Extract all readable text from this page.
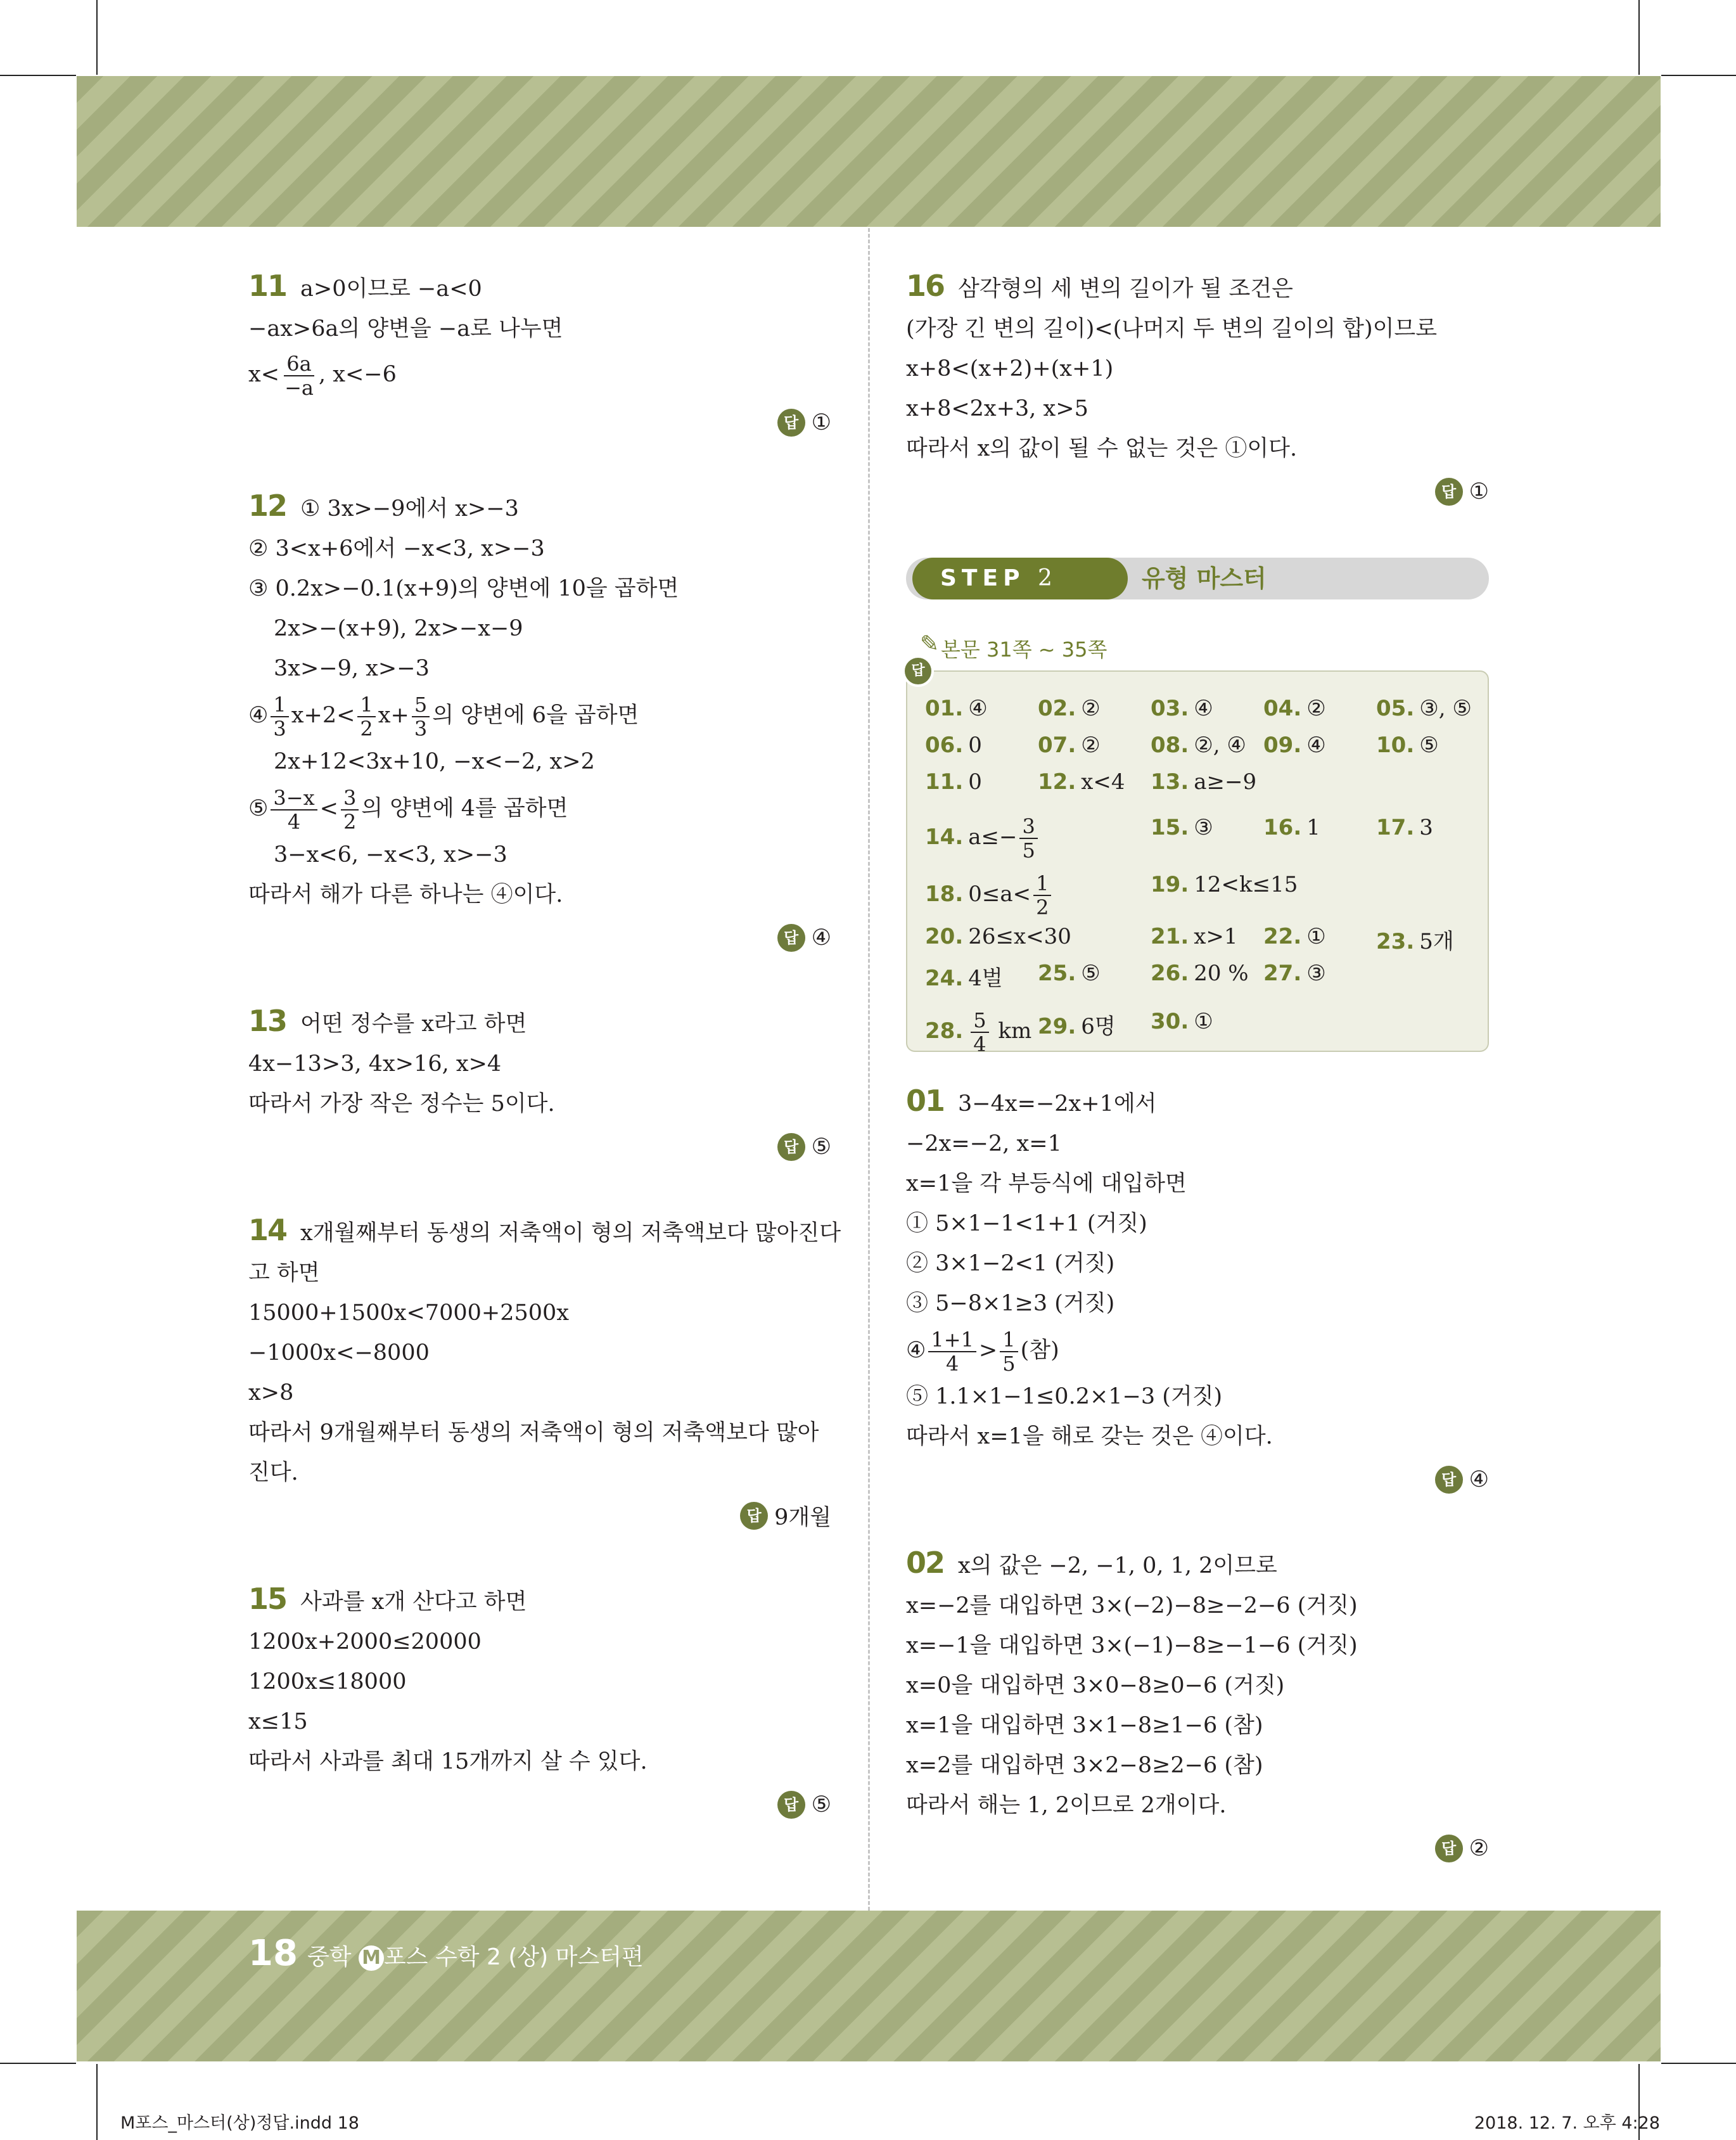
11 a>0이므로 −a<0
−ax>6a의 양변을 −a로 나누면
$x< \frac{6a}{-a}$ , x<−6
답 ①
12 ① 3x>−9에서 x>−3
② 3<x+6에서 −x<3, x>−3
③ 0.2x>−0.1(x+9)의 양변에 10을 곱하면
2x>−(x+9), 2x>−x−9
3x>−9, x>−3
④ $\frac{1}{3} x+2< \frac{1}{2} x+ \frac{5}{3}$ 의 양변에 6을 곱하면
2x+12<3x+10, −x<−2, x>2
⑤ $\frac{3-x}{4} < \frac{3}{2}$ 의 양변에 4를 곱하면
3−x<6, −x<3, x>−3
따라서 해가 다른 하나는 ④이다.
답 ④
13 어떤 정수를 x라고 하면
4x−13>3, 4x>16, x>4
따라서 가장 작은 정수는 5이다.
답 ⑤
14 x개월째부터 동생의 저축액이 형의 저축액보다 많아진다
고 하면
15000+1500x<7000+2500x
−1000x<−8000
x>8
따라서 9개월째부터 동생의 저축액이 형의 저축액보다 많아
진다.
답 9개월
15 사과를 x개 산다고 하면
1200x+2000≤20000
1200x≤18000
x≤15
따라서 사과를 최대 15개까지 살 수 있다.
답 ⑤
16 삼각형의 세 변의 길이가 될 조건은
(가장 긴 변의 길이)<(나머지 두 변의 길이의 합)이므로
x+8<(x+2)+(x+1)
x+8<2x+3, x>5
따라서 x의 값이 될 수 없는 것은 ①이다.
답 ①
STEP 2	유형 마스터
✎ 본문 31쪽 ~ 35쪽
01. ④ 02. ② 03. ④ 04. ② 05. ③, ⑤
06. 0	07. ② 08. ②, ④ 09. ④ 10. ⑤
11. 0	12. x<4 13. a≥−9
14. $a\le- \frac{3}{5}$	15. ③ 16. 1	17. 3
18. $0\le a< \frac{1}{2}$	19. 12<k≤15
20. 26≤x<30	21. x>1 22. ① 23. 5개
24. 4벌 25. ⑤ 26. 20 % 27. ③
28. $\frac{5}{4}$ km 29. 6명 30. ①
답
01 3−4x=−2x+1에서
−2x=−2, x=1
x=1을 각 부등식에 대입하면
① 5×1−1<1+1 (거짓)
② 3×1−2<1 (거짓)
③ 5−8×1≥3 (거짓)
④ $\frac{1+1}{4} > \frac{1}{5}$ (참)
⑤ 1.1×1−1≤0.2×1−3 (거짓)
따라서 x=1을 해로 갖는 것은 ④이다.
답 ④
02 x의 값은 −2, −1, 0, 1, 2이므로
x=−2를 대입하면 3×(−2)−8≥−2−6 (거짓)
x=−1을 대입하면 3×(−1)−8≥−1−6 (거짓)
x=0을 대입하면 3×0−8≥0−6 (거짓)
x=1을 대입하면 3×1−8≥1−6 (참)
x=2를 대입하면 3×2−8≥2−6 (참)
따라서 해는 1, 2이므로 2개이다.
답 ②
18 중학 M 포스 수학 2 (상) 마스터편
M포스_마스터(상)정답.indd 18	2018. 12. 7. 오후 4:28
